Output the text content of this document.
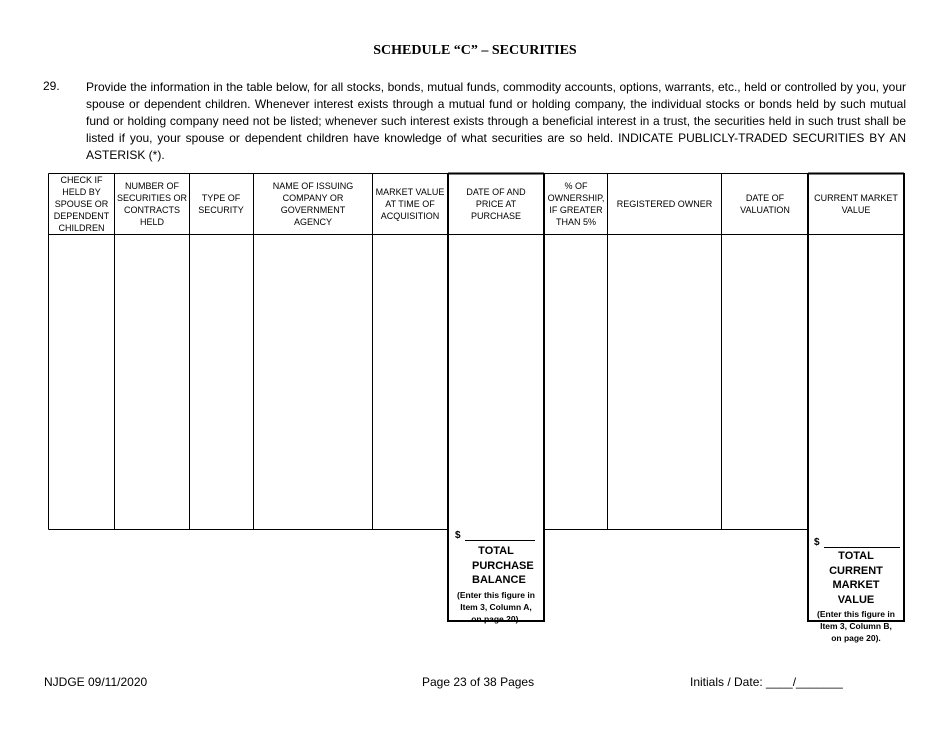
SCHEDULE “C” – SECURITIES
29. Provide the information in the table below, for all stocks, bonds, mutual funds, commodity accounts, options, warrants, etc., held or controlled by you, your spouse or dependent children. Whenever interest exists through a mutual fund or holding company, the individual stocks or bonds held by such mutual fund or holding company need not be listed; whenever such interest exists through a beneficial interest in a trust, the securities held in such trust shall be listed if you, your spouse or dependent children have knowledge of what securities are so held. INDICATE PUBLICLY-TRADED SECURITIES BY AN ASTERISK (*).
CHECK IF HELD BY SPOUSE OR DEPENDENT CHILDREN
NUMBER OF SECURITIES OR CONTRACTS HELD
TYPE OF SECURITY
NAME OF ISSUING COMPANY OR GOVERNMENT AGENCY
MARKET VALUE AT TIME OF ACQUISITION
DATE OF AND PRICE AT PURCHASE
% OF OWNERSHIP, IF GREATER THAN 5%
REGISTERED OWNER
DATE OF VALUATION
CURRENT MARKET VALUE
$
TOTAL PURCHASE BALANCE
(Enter this figure in Item 3, Column A, on page 20).
$
TOTAL CURRENT MARKET VALUE
(Enter this figure in Item 3, Column B, on page 20).
NJDGE 09/11/2020	Page 23 of 38 Pages	Initials / Date: ____/_______
